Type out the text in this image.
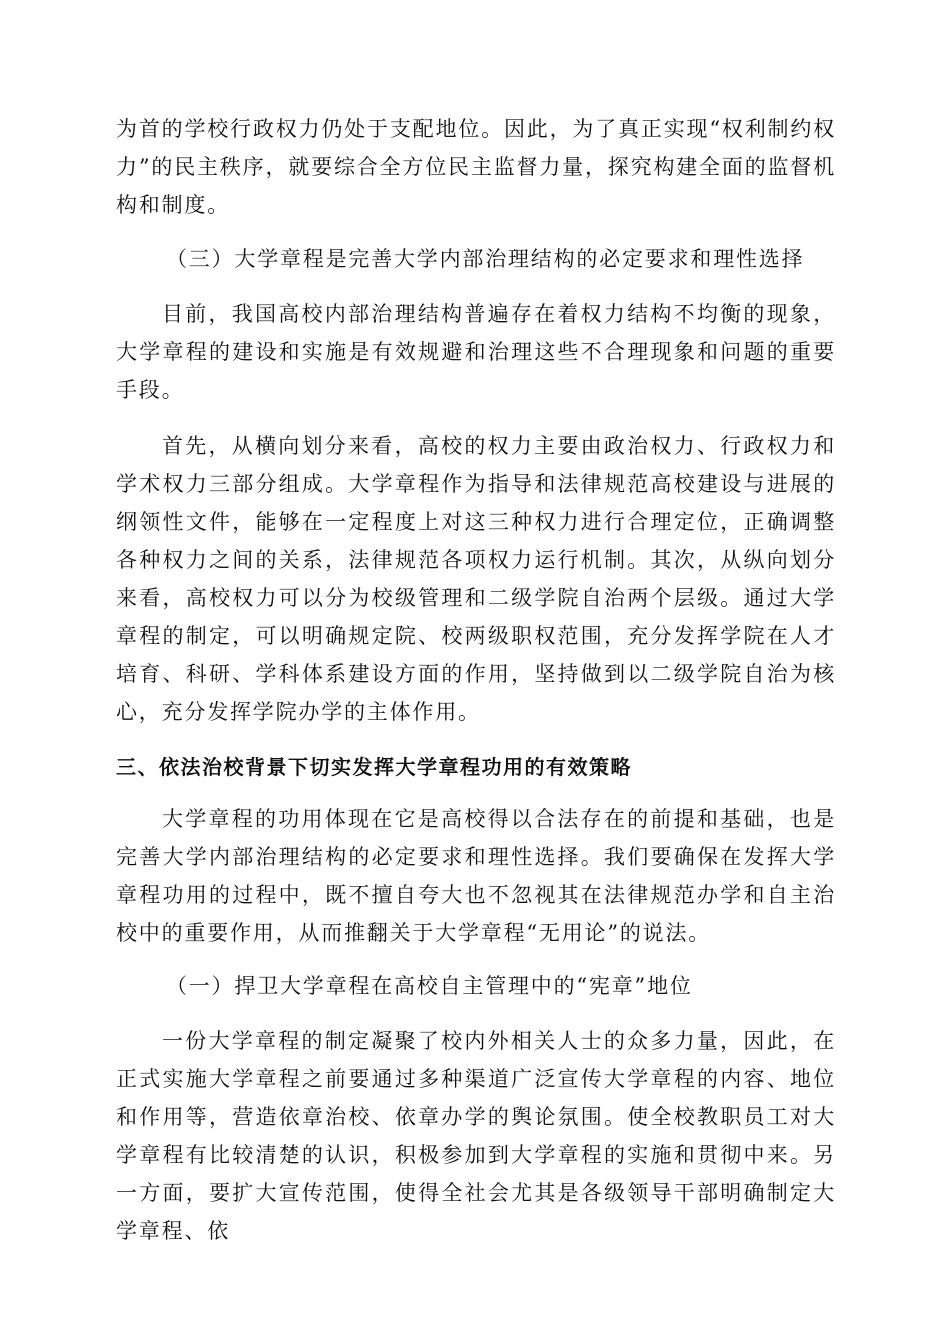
为首的学校行政权力仍处于支配地位。因此，为了真正实现“权利制约权力”的民主秩序，就要综合全方位民主监督力量，探究构建全面的监督机构和制度。

（三）大学章程是完善大学内部治理结构的必定要求和理性选择

目前，我国高校内部治理结构普遍存在着权力结构不均衡的现象，大学章程的建设和实施是有效规避和治理这些不合理现象和问题的重要手段。

首先，从横向划分来看，高校的权力主要由政治权力、行政权力和学术权力三部分组成。大学章程作为指导和法律规范高校建设与进展的纲领性文件，能够在一定程度上对这三种权力进行合理定位，正确调整各种权力之间的关系，法律规范各项权力运行机制。其次，从纵向划分来看，高校权力可以分为校级管理和二级学院自治两个层级。通过大学章程的制定，可以明确规定院、校两级职权范围，充分发挥学院在人才培育、科研、学科体系建设方面的作用，坚持做到以二级学院自治为核心，充分发挥学院办学的主体作用。

三、依法治校背景下切实发挥大学章程功用的有效策略

大学章程的功用体现在它是高校得以合法存在的前提和基础，也是完善大学内部治理结构的必定要求和理性选择。我们要确保在发挥大学章程功用的过程中，既不擅自夸大也不忽视其在法律规范办学和自主治校中的重要作用，从而推翻关于大学章程“无用论”的说法。

（一）捍卫大学章程在高校自主管理中的“宪章”地位

一份大学章程的制定凝聚了校内外相关人士的众多力量，因此，在正式实施大学章程之前要通过多种渠道广泛宣传大学章程的内容、地位和作用等，营造依章治校、依章办学的舆论氛围。使全校教职员工对大学章程有比较清楚的认识，积极参加到大学章程的实施和贯彻中来。另一方面，要扩大宣传范围，使得全社会尤其是各级领导干部明确制定大学章程、依
